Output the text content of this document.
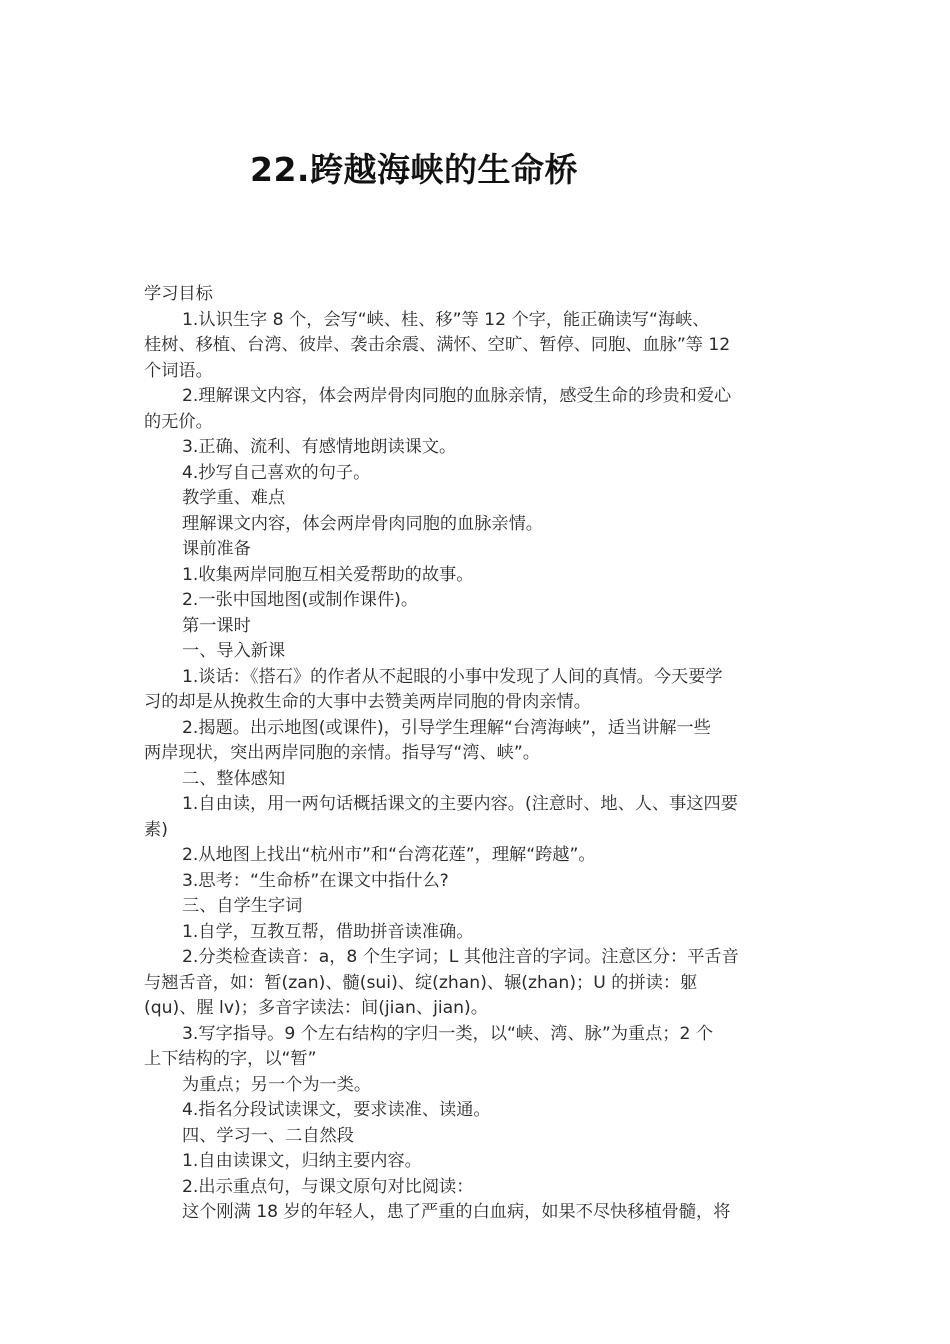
22.跨越海峡的生命桥

学习目标

1.认识生字 8 个，会写“峡、桂、移”等 12 个字，能正确读写“海峡、

桂树、移植、台湾、彼岸、袭击余震、满怀、空旷、暂停、同胞、血脉”等 12

个词语。

2.理解课文内容，体会两岸骨肉同胞的血脉亲情，感受生命的珍贵和爱心

的无价。

3.正确、流利、有感情地朗读课文。

4.抄写自己喜欢的句子。

教学重、难点

理解课文内容，体会两岸骨肉同胞的血脉亲情。

课前准备

1.收集两岸同胞互相关爱帮助的故事。

2.一张中国地图(或制作课件)。

第一课时

一、导入新课

1.谈话：《搭石》的作者从不起眼的小事中发现了人间的真情。今天要学

习的却是从挽救生命的大事中去赞美两岸同胞的骨肉亲情。

2.揭题。出示地图(或课件)，引导学生理解“台湾海峡”，适当讲解一些

两岸现状，突出两岸同胞的亲情。指导写“湾、峡”。

二、整体感知

1.自由读，用一两句话概括课文的主要内容。(注意时、地、人、事这四要

素)

2.从地图上找出“杭州市”和“台湾花莲”，理解“跨越”。

3.思考：“生命桥”在课文中指什么?

三、自学生字词

1.自学，互教互帮，借助拼音读准确。

2.分类检查读音：a，8 个生字词；L 其他注音的字词。注意区分：平舌音

与翘舌音，如：暂(zan)、髓(sui)、绽(zhan)、辗(zhan)；U 的拼读：躯

(qu)、腥 lv)；多音字读法：间(jian、jian)。

3.写字指导。9 个左右结构的字归一类，以“峡、湾、脉”为重点；2 个

上下结构的字，以“暂”

为重点；另一个为一类。

4.指名分段试读课文，要求读准、读通。

四、学习一、二自然段

1.自由读课文，归纳主要内容。

2.出示重点句，与课文原句对比阅读：

这个刚满 18 岁的年轻人，患了严重的白血病，如果不尽快移植骨髓，将
